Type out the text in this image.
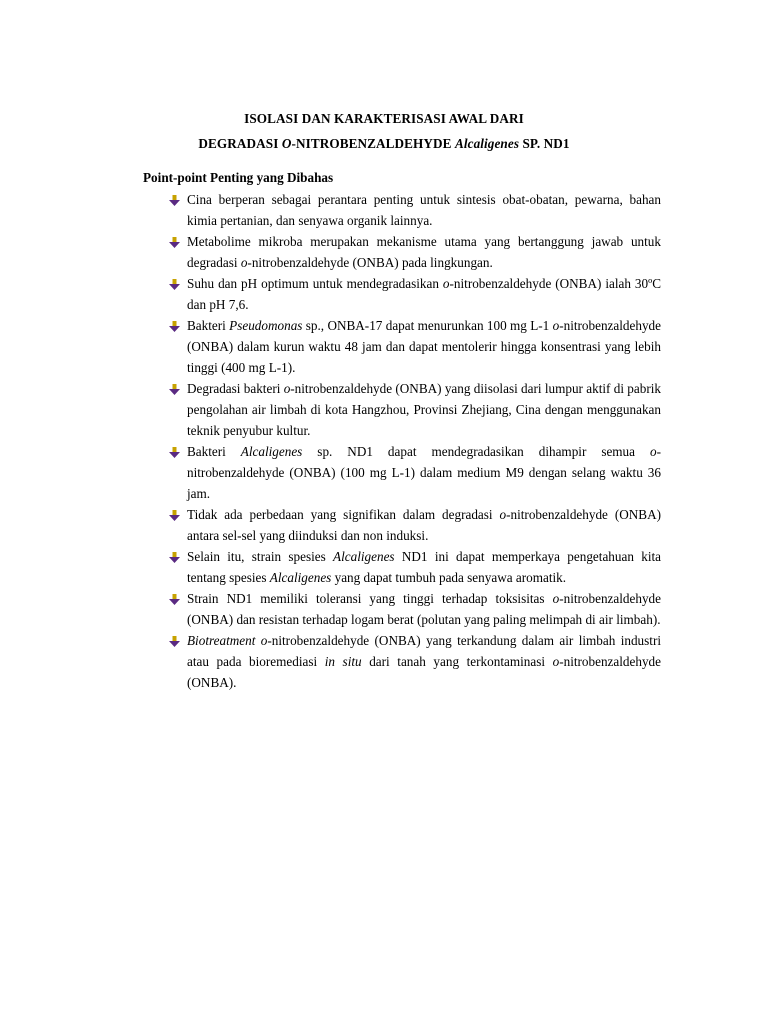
ISOLASI DAN KARAKTERISASI AWAL DARI
DEGRADASI O-NITROBENZALDEHYDE Alcaligenes SP. ND1
Point-point Penting yang Dibahas
Cina berperan sebagai perantara penting untuk sintesis obat-obatan, pewarna, bahan kimia pertanian, dan senyawa organik lainnya.
Metabolime mikroba merupakan mekanisme utama yang bertanggung jawab untuk degradasi o-nitrobenzaldehyde (ONBA) pada lingkungan.
Suhu dan pH optimum untuk mendegradasikan o-nitrobenzaldehyde (ONBA) ialah 30ºC dan pH 7,6.
Bakteri Pseudomonas sp., ONBA-17 dapat menurunkan 100 mg L-1 o-nitrobenzaldehyde (ONBA) dalam kurun waktu 48 jam dan dapat mentolerir hingga konsentrasi yang lebih tinggi (400 mg L-1).
Degradasi bakteri o-nitrobenzaldehyde (ONBA) yang diisolasi dari lumpur aktif di pabrik pengolahan air limbah di kota Hangzhou, Provinsi Zhejiang, Cina dengan menggunakan teknik penyubur kultur.
Bakteri Alcaligenes sp. ND1 dapat mendegradasikan dihampir semua o-nitrobenzaldehyde (ONBA) (100 mg L-1) dalam medium M9 dengan selang waktu 36 jam.
Tidak ada perbedaan yang signifikan dalam degradasi o-nitrobenzaldehyde (ONBA) antara sel-sel yang diinduksi dan non induksi.
Selain itu, strain spesies Alcaligenes ND1 ini dapat memperkaya pengetahuan kita tentang spesies Alcaligenes yang dapat tumbuh pada senyawa aromatik.
Strain ND1 memiliki toleransi yang tinggi terhadap toksisitas o-nitrobenzaldehyde (ONBA) dan resistan terhadap logam berat (polutan yang paling melimpah di air limbah).
Biotreatment o-nitrobenzaldehyde (ONBA) yang terkandung dalam air limbah industri atau pada bioremediasi in situ dari tanah yang terkontaminasi o-nitrobenzaldehyde (ONBA).
